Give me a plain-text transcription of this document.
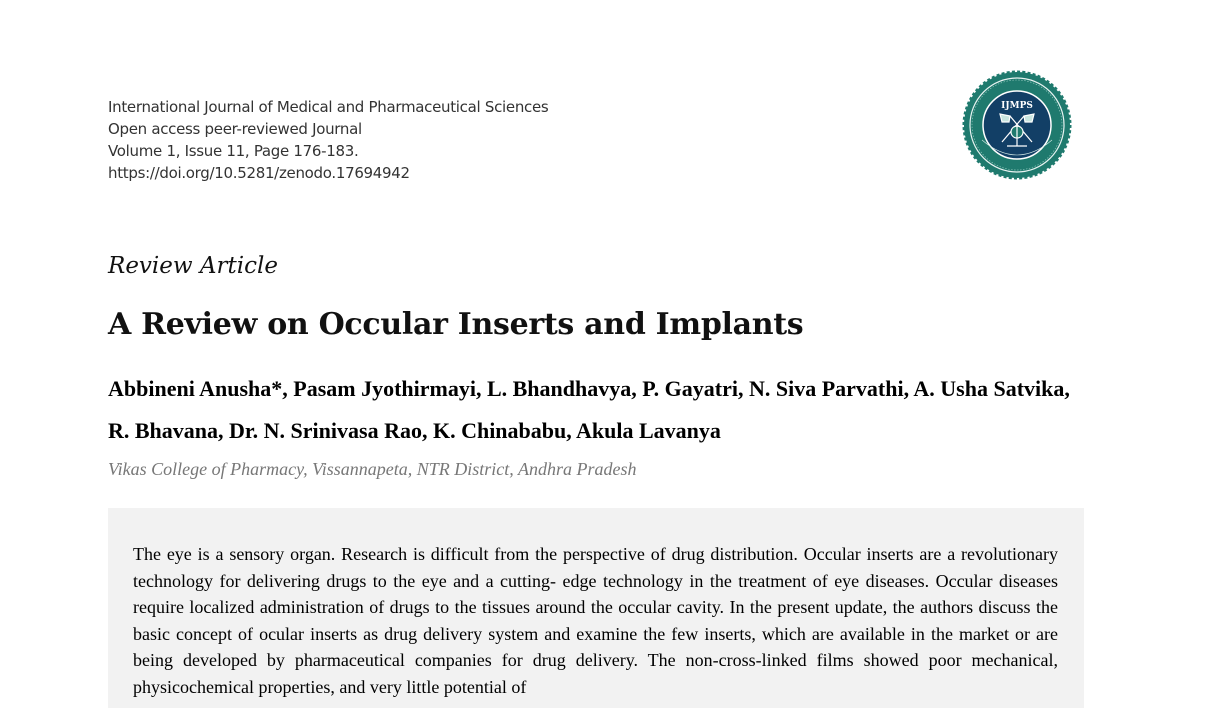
International Journal of Medical and Pharmaceutical Sciences
Open access peer-reviewed Journal
Volume 1, Issue 11, Page 176-183.
https://doi.org/10.5281/zenodo.17694942
IJMPS
Review Article
A Review on Occular Inserts and Implants
Abbineni Anusha*, Pasam Jyothirmayi, L. Bhandhavya, P. Gayatri, N. Siva Parvathi, A. Usha Satvika, R. Bhavana, Dr. N. Srinivasa Rao, K. Chinababu, Akula Lavanya
Vikas College of Pharmacy, Vissannapeta, NTR District, Andhra Pradesh

The eye is a sensory organ. Research is difficult from the perspective of drug distribution. Occular inserts are a revolutionary technology for delivering drugs to the eye and a cutting- edge technology in the treatment of eye diseases. Occular diseases require localized administration of drugs to the tissues around the occular cavity. In the present update, the authors discuss the basic concept of ocular inserts as drug delivery system and examine the few inserts, which are available in the market or are being developed by pharmaceutical companies for drug delivery. The non-cross-linked films showed poor mechanical, physicochemical properties, and very little potential of
